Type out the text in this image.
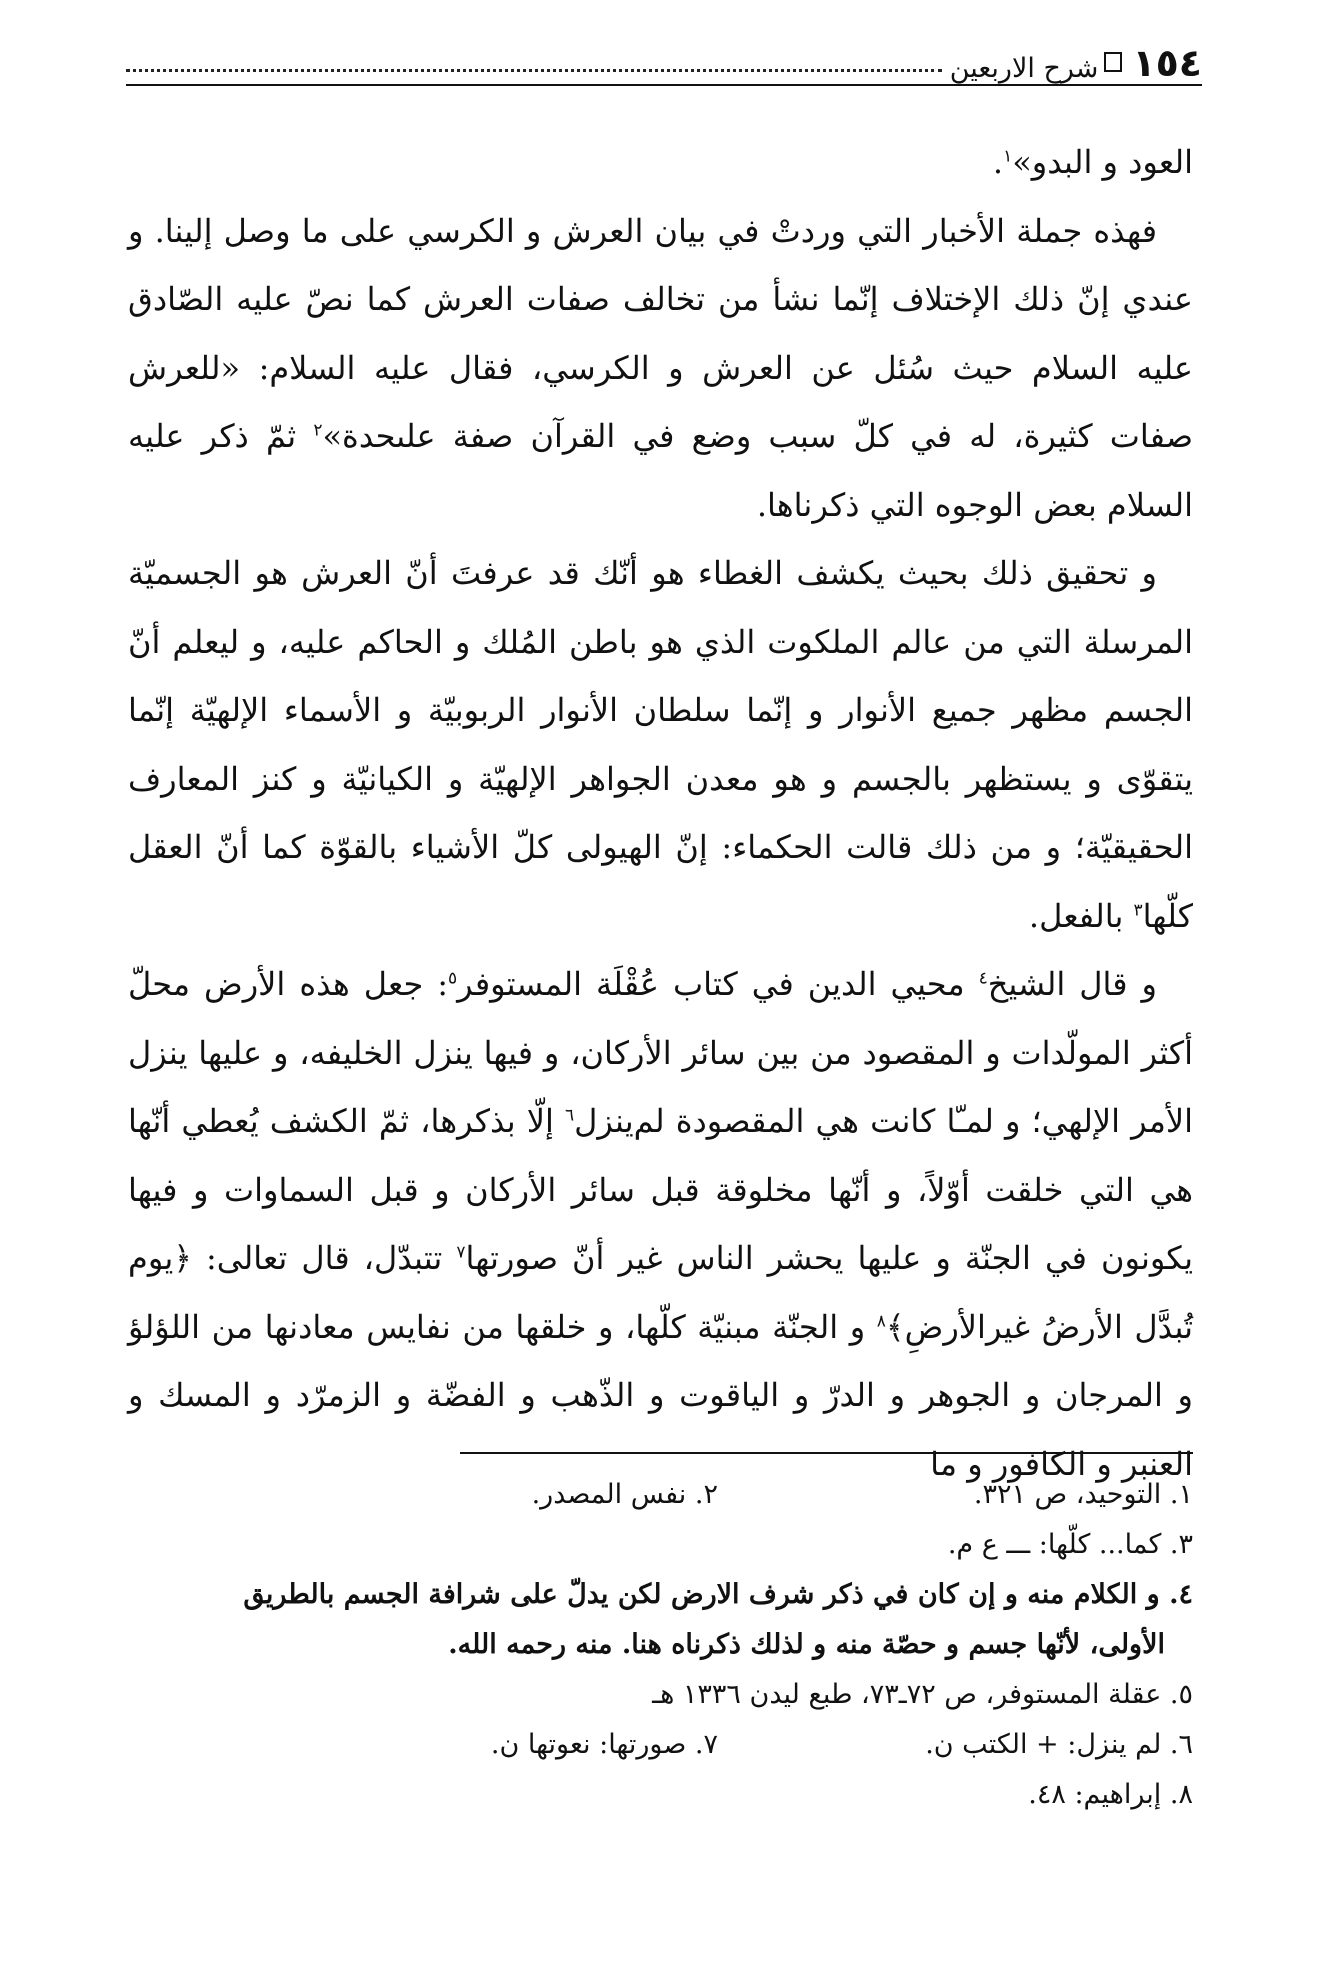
١٥٤
شرح الاربعين

العود و البدو»$^١$.

فهذه جملة الأخبار التي وردتْ في بيان العرش و الكرسي على ما وصل إلينا. و عندي إنّ ذلك الإختلاف إنّما نشأ من تخالف صفات العرش كما نصّ عليه الصّادق عليه السلام حيث سُئل عن العرش و الكرسي، فقال عليه السلام: «للعرش صفات كثيرة، له في كلّ سبب وضع في القرآن صفة علىحدة»$^٢$ ثمّ ذكر عليه السلام بعض الوجوه التي ذكرناها.

و تحقيق ذلك بحيث يكشف الغطاء هو أنّك قد عرفتَ أنّ العرش هو الجسميّة المرسلة التي من عالم الملكوت الذي هو باطن المُلك و الحاكم عليه، و ليعلم أنّ الجسم مظهر جميع الأنوار و إنّما سلطان الأنوار الربوبيّة و الأسماء الإلهيّة إنّما يتقوّى و يستظهر بالجسم و هو معدن الجواهر الإلهيّة و الكيانيّة و كنز المعارف الحقيقيّة؛ و من ذلك قالت الحكماء: إنّ الهيولى كلّ الأشياء بالقوّة كما أنّ العقل كلّها$^٣$ بالفعل.

و قال الشيخ$^٤$ محيي الدين في كتاب عُقْلَة المستوفر$^٥$: جعل هذه الأرض محلّ أكثر المولّدات و المقصود من بين سائر الأركان، و فيها ينزل الخليفه، و عليها ينزل الأمر الإلهي؛ و لمـّا كانت هي المقصودة لم‌ينزل$^٦$ إلّا بذكرها، ثمّ الكشف يُعطي أنّها هي التي خلقت أوّلاً، و أنّها مخلوقة قبل سائر الأركان و قبل السماوات و فيها يكونون في الجنّة و عليها يحشر الناس غير أنّ صورتها$^٧$ تتبدّل، قال تعالى: ﴿يوم تُبدَّل الأرضُ غيرالأرضِ﴾$^٨$ و الجنّة مبنيّة كلّها، و خلقها من نفايس معادنها من اللؤلؤ و المرجان و الجوهر و الدرّ و الياقوت و الذّهب و الفضّة و الزمرّد و المسك و العنبر و الكافور و ما

١. التوحيد، ص ٣٢١.
٢. نفس المصدر.
٣. كما... كلّها: ـــ ع م.
٤. و الكلام منه و إن كان في ذكر شرف الارض لكن يدلّ على شرافة الجسم بالطريق
الأولى، لأنّها جسم و حصّة منه و لذلك ذكرناه هنا. منه رحمه الله.
٥. عقلة المستوفر، ص ٧٢ـ٧٣، طبع ليدن ١٣٣٦ هـ
٦. لم ينزل: + الكتب ن.
٧. صورتها: نعوتها ن.
٨. إبراهيم: ٤٨.
